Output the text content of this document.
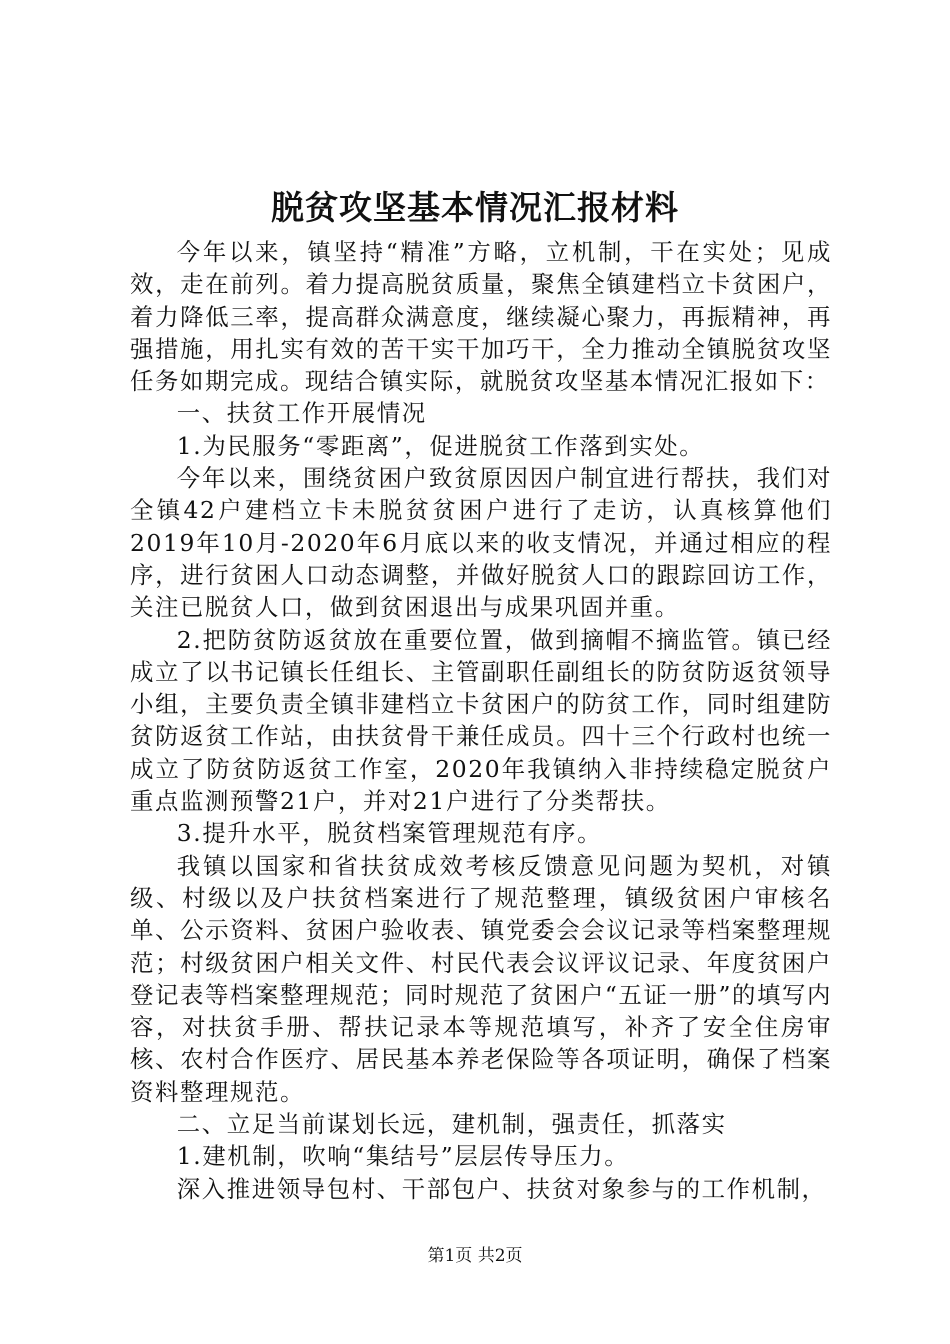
脱贫攻坚基本情况汇报材料

今年以来，镇坚持“精准”方略，立机制，干在实处；见成效，走在前列。着力提高脱贫质量，聚焦全镇建档立卡贫困户，着力降低三率，提高群众满意度，继续凝心聚力，再振精神，再强措施，用扎实有效的苦干实干加巧干，全力推动全镇脱贫攻坚任务如期完成。现结合镇实际，就脱贫攻坚基本情况汇报如下：

一、扶贫工作开展情况

1.为民服务“零距离”，促进脱贫工作落到实处。

今年以来，围绕贫困户致贫原因因户制宜进行帮扶，我们对全镇42户建档立卡未脱贫贫困户进行了走访，认真核算他们2019年10月-2020年6月底以来的收支情况，并通过相应的程序，进行贫困人口动态调整，并做好脱贫人口的跟踪回访工作，关注已脱贫人口，做到贫困退出与成果巩固并重。

2.把防贫防返贫放在重要位置，做到摘帽不摘监管。镇已经成立了以书记镇长任组长、主管副职任副组长的防贫防返贫领导小组，主要负责全镇非建档立卡贫困户的防贫工作，同时组建防贫防返贫工作站，由扶贫骨干兼任成员。四十三个行政村也统一成立了防贫防返贫工作室，2020年我镇纳入非持续稳定脱贫户重点监测预警21户，并对21户进行了分类帮扶。

3.提升水平，脱贫档案管理规范有序。

我镇以国家和省扶贫成效考核反馈意见问题为契机，对镇级、村级以及户扶贫档案进行了规范整理，镇级贫困户审核名单、公示资料、贫困户验收表、镇党委会会议记录等档案整理规范；村级贫困户相关文件、村民代表会议评议记录、年度贫困户登记表等档案整理规范；同时规范了贫困户“五证一册”的填写内容，对扶贫手册、帮扶记录本等规范填写，补齐了安全住房审核、农村合作医疗、居民基本养老保险等各项证明，确保了档案资料整理规范。

二、立足当前谋划长远，建机制，强责任，抓落实

1.建机制，吹响“集结号”层层传导压力。

深入推进领导包村、干部包户、扶贫对象参与的工作机制，

第1页 共2页
